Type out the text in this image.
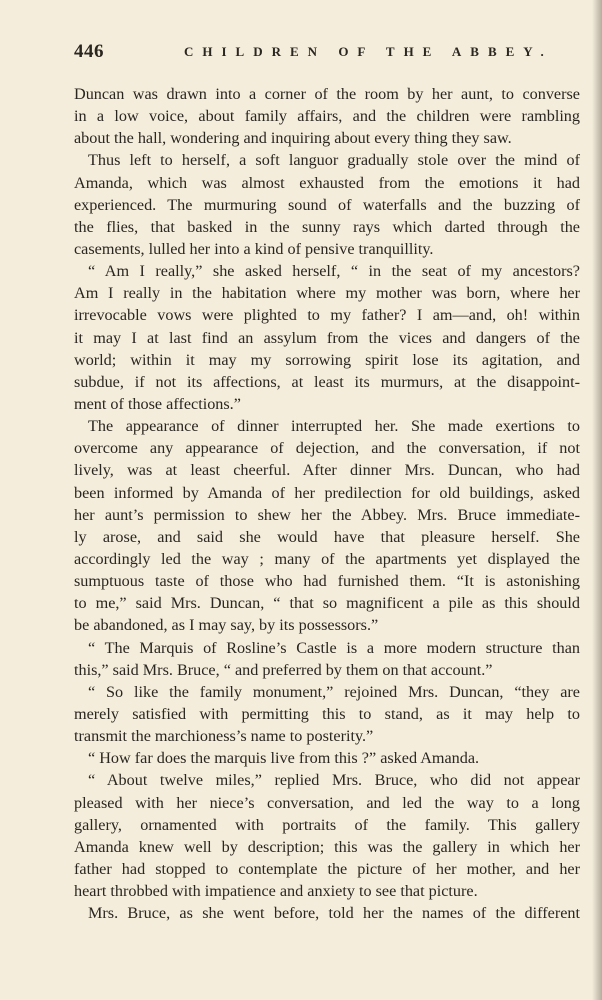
446	CHILDREN OF THE ABBEY.
Duncan was drawn into a corner of the room by her aunt, to converse
in a low voice, about family affairs, and the children were rambling
about the hall, wondering and inquiring about every thing they saw.
Thus left to herself, a soft languor gradually stole over the mind of
Amanda, which was almost exhausted from the emotions it had
experienced. The murmuring sound of waterfalls and the buzzing of
the flies, that basked in the sunny rays which darted through the
casements, lulled her into a kind of pensive tranquillity.
“ Am I really,” she asked herself, “ in the seat of my ancestors?
Am I really in the habitation where my mother was born, where her
irrevocable vows were plighted to my father? I am—and, oh! within
it may I at last find an assylum from the vices and dangers of the
world; within it may my sorrowing spirit lose its agitation, and
subdue, if not its affections, at least its murmurs, at the disappoint-
ment of those affections.”
The appearance of dinner interrupted her. She made exertions to
overcome any appearance of dejection, and the conversation, if not
lively, was at least cheerful. After dinner Mrs. Duncan, who had
been informed by Amanda of her predilection for old buildings, asked
her aunt’s permission to shew her the Abbey. Mrs. Bruce immediate-
ly arose, and said she would have that pleasure herself. She
accordingly led the way ; many of the apartments yet displayed the
sumptuous taste of those who had furnished them. “It is astonishing
to me,” said Mrs. Duncan, “ that so magnificent a pile as this should
be abandoned, as I may say, by its possessors.”
“ The Marquis of Rosline’s Castle is a more modern structure than
this,” said Mrs. Bruce, “ and preferred by them on that account.”
“ So like the family monument,” rejoined Mrs. Duncan, “they are
merely satisfied with permitting this to stand, as it may help to
transmit the marchioness’s name to posterity.”
“ How far does the marquis live from this ?” asked Amanda.
“ About twelve miles,” replied Mrs. Bruce, who did not appear
pleased with her niece’s conversation, and led the way to a long
gallery, ornamented with portraits of the family. This gallery
Amanda knew well by description; this was the gallery in which her
father had stopped to contemplate the picture of her mother, and her
heart throbbed with impatience and anxiety to see that picture.
Mrs. Bruce, as she went before, told her the names of the different
